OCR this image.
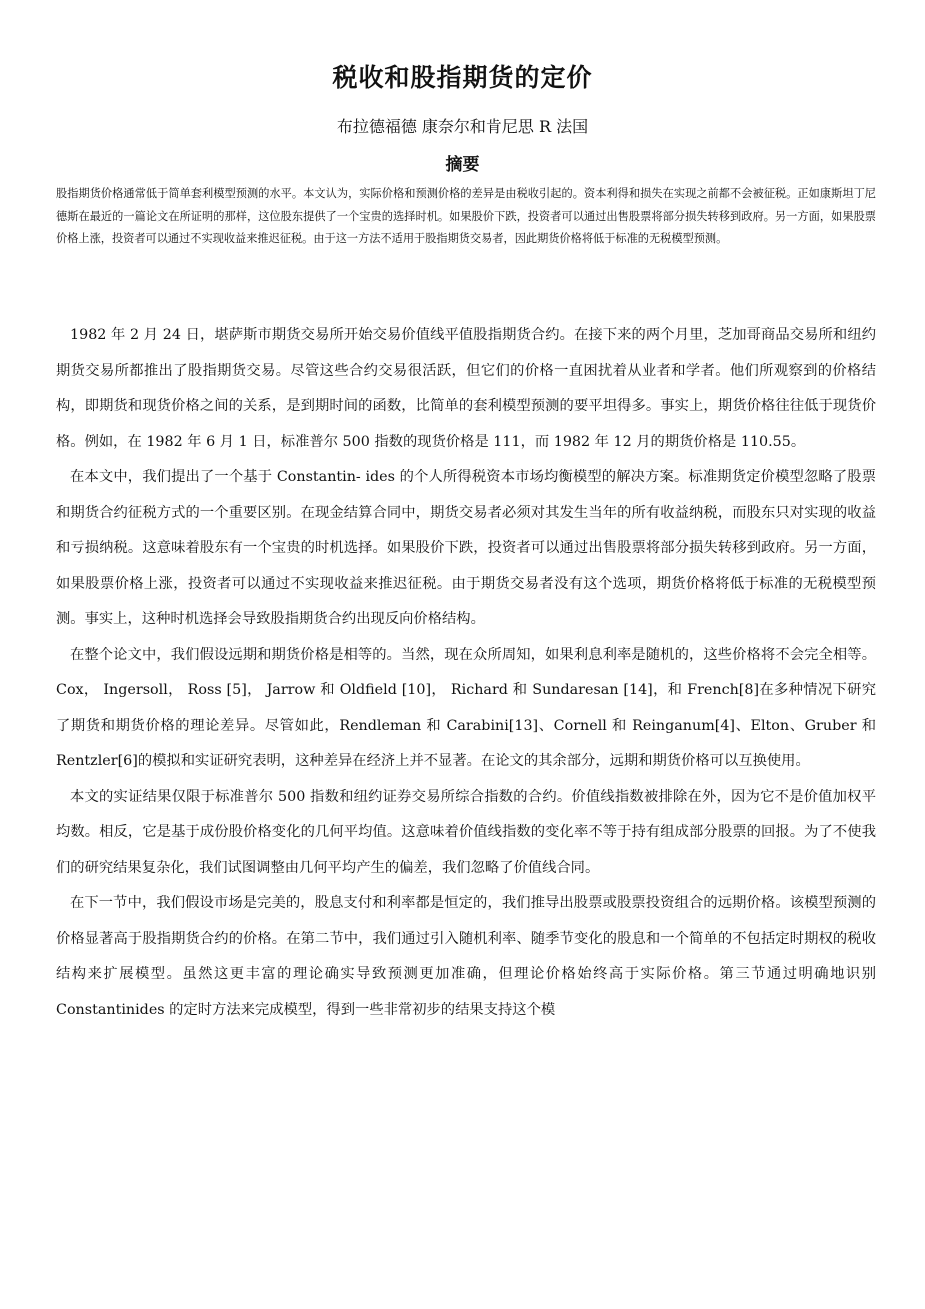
税收和股指期货的定价
布拉德福德 康奈尔和肯尼思 R 法国
摘要
股指期货价格通常低于简单套利模型预测的水平。本文认为，实际价格和预测价格的差异是由税收引起的。资本利得和损失在实现之前都不会被征税。正如康斯坦丁尼德斯在最近的一篇论文在所证明的那样，这位股东提供了一个宝贵的选择时机。如果股价下跌，投资者可以通过出售股票将部分损失转移到政府。另一方面，如果股票价格上涨，投资者可以通过不实现收益来推迟征税。由于这一方法不适用于股指期货交易者，因此期货价格将低于标准的无税模型预测。

1982 年 2 月 24 日，堪萨斯市期货交易所开始交易价值线平值股指期货合约。在接下来的两个月里，芝加哥商品交易所和纽约期货交易所都推出了股指期货交易。尽管这些合约交易很活跃，但它们的价格一直困扰着从业者和学者。他们所观察到的价格结构，即期货和现货价格之间的关系，是到期时间的函数，比简单的套利模型预测的要平坦得多。事实上，期货价格往往低于现货价格。例如，在 1982 年 6 月 1 日，标准普尔 500 指数的现货价格是 111，而 1982 年 12 月的期货价格是 110.55。

在本文中，我们提出了一个基于 Constantin- ides 的个人所得税资本市场均衡模型的解决方案。标准期货定价模型忽略了股票和期货合约征税方式的一个重要区别。在现金结算合同中，期货交易者必须对其发生当年的所有收益纳税，而股东只对实现的收益和亏损纳税。这意味着股东有一个宝贵的时机选择。如果股价下跌，投资者可以通过出售股票将部分损失转移到政府。另一方面，如果股票价格上涨，投资者可以通过不实现收益来推迟征税。由于期货交易者没有这个选项，期货价格将低于标准的无税模型预测。事实上，这种时机选择会导致股指期货合约出现反向价格结构。

在整个论文中，我们假设远期和期货价格是相等的。当然，现在众所周知，如果利息利率是随机的，这些价格将不会完全相等。Cox， Ingersoll， Ross [5]， Jarrow 和 Oldfield [10]， Richard 和 Sundaresan [14]，和 French[8]在多种情况下研究了期货和期货价格的理论差异。尽管如此，Rendleman 和 Carabini[13]、Cornell 和 Reinganum[4]、Elton、Gruber 和 Rentzler[6]的模拟和实证研究表明，这种差异在经济上并不显著。在论文的其余部分，远期和期货价格可以互换使用。

本文的实证结果仅限于标准普尔 500 指数和纽约证券交易所综合指数的合约。价值线指数被排除在外，因为它不是价值加权平均数。相反，它是基于成份股价格变化的几何平均值。这意味着价值线指数的变化率不等于持有组成部分股票的回报。为了不使我们的研究结果复杂化，我们试图调整由几何平均产生的偏差，我们忽略了价值线合同。

在下一节中，我们假设市场是完美的，股息支付和利率都是恒定的，我们推导出股票或股票投资组合的远期价格。该模型预测的价格显著高于股指期货合约的价格。在第二节中，我们通过引入随机利率、随季节变化的股息和一个简单的不包括定时期权的税收结构来扩展模型。虽然这更丰富的理论确实导致预测更加准确，但理论价格始终高于实际价格。第三节通过明确地识别 Constantinides 的定时方法来完成模型，得到一些非常初步的结果支持这个模
